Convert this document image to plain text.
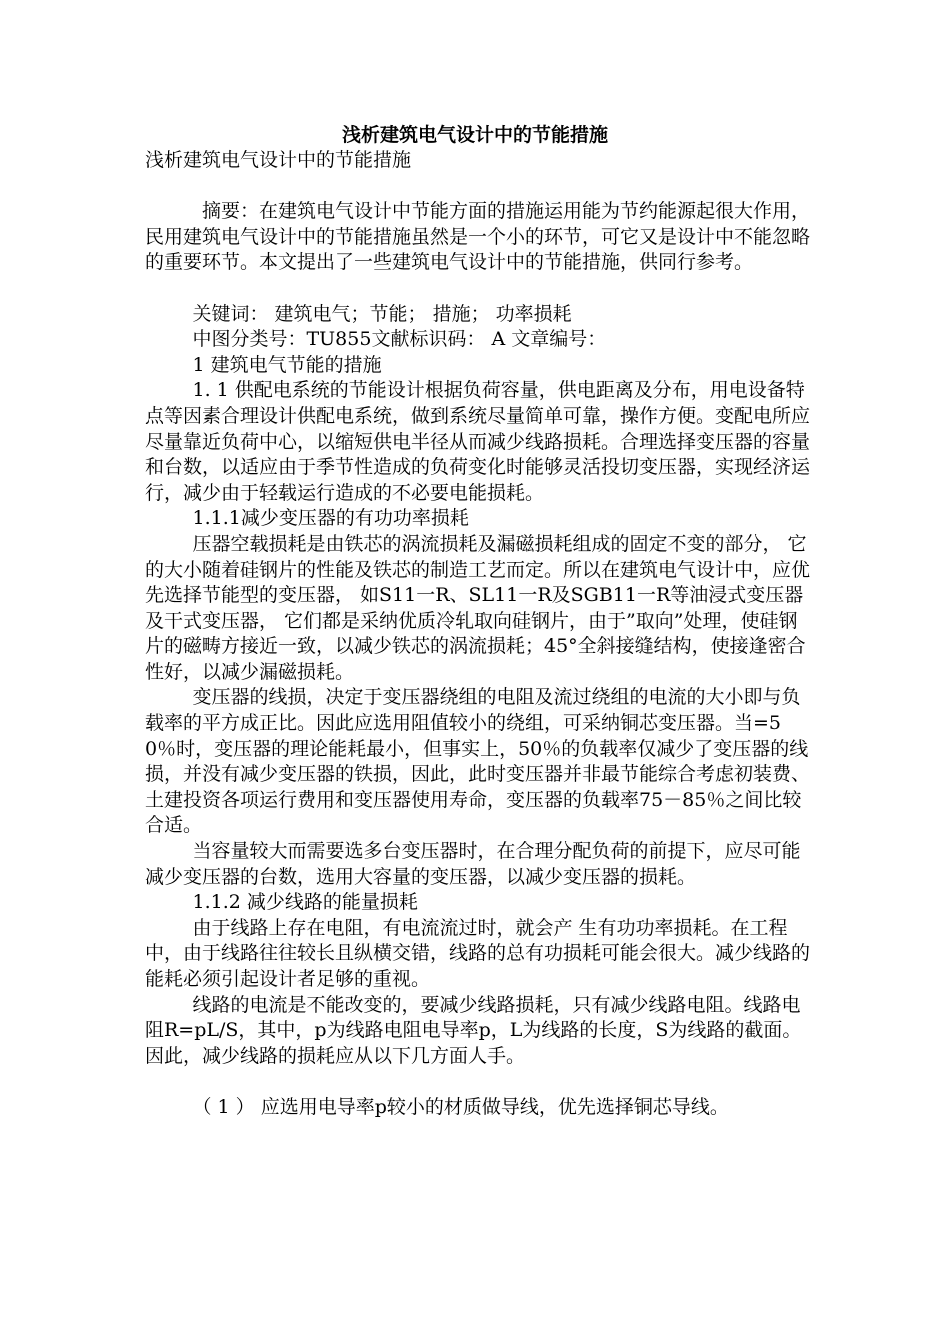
浅析建筑电气设计中的节能措施

浅析建筑电气设计中的节能措施

摘要：在建筑电气设计中节能方面的措施运用能为节约能源起很大作用，民用建筑电气设计中的节能措施虽然是一个小的环节，可它又是设计中不能忽略的重要环节。本文提出了一些建筑电气设计中的节能措施，供同行参考。

关键词： 建筑电气；节能； 措施； 功率损耗

中图分类号：TU855文献标识码： A 文章编号：

1 建筑电气节能的措施

1. 1 供配电系统的节能设计根据负荷容量，供电距离及分布，用电设备特点等因素合理设计供配电系统，做到系统尽量简单可靠，操作方便。变配电所应尽量靠近负荷中心，以缩短供电半径从而减少线路损耗。合理选择变压器的容量和台数，以适应由于季节性造成的负荷变化时能够灵活投切变压器，实现经济运行，减少由于轻载运行造成的不必要电能损耗。

1.1.1减少变压器的有功功率损耗

压器空载损耗是由铁芯的涡流损耗及漏磁损耗组成的固定不变的部分， 它的大小随着硅钢片的性能及铁芯的制造工艺而定。所以在建筑电气设计中，应优先选择节能型的变压器， 如S11一R、SL11一R及SGB11一R等油浸式变压器及干式变压器， 它们都是采纳优质冷轧取向硅钢片，由于”取向”处理，使硅钢片的磁畴方接近一致，以减少铁芯的涡流损耗；45°全斜接缝结构，使接逢密合性好，以减少漏磁损耗。

变压器的线损，决定于变压器绕组的电阻及流过绕组的电流的大小即与负载率的平方成正比。因此应选用阻值较小的绕组，可采纳铜芯变压器。当=50％时，变压器的理论能耗最小，但事实上，50％的负载率仅减少了变压器的线损，并没有减少变压器的铁损，因此，此时变压器并非最节能综合考虑初装费、土建投资各项运行费用和变压器使用寿命，变压器的负载率75－85％之间比较合适。

当容量较大而需要选多台变压器时，在合理分配负荷的前提下，应尽可能减少变压器的台数，选用大容量的变压器，以减少变压器的损耗。

1.1.2 减少线路的能量损耗

由于线路上存在电阻，有电流流过时，就会产 生有功功率损耗。在工程中，由于线路往往较长且纵横交错，线路的总有功损耗可能会很大。减少线路的能耗必须引起设计者足够的重视。

线路的电流是不能改变的，要减少线路损耗，只有减少线路电阻。线路电阻R=pL/S，其中，p为线路电阻电导率p，L为线路的长度，S为线路的截面。因此，减少线路的损耗应从以下几方面人手。

（ 1 ） 应选用电导率p较小的材质做导线，优先选择铜芯导线。
